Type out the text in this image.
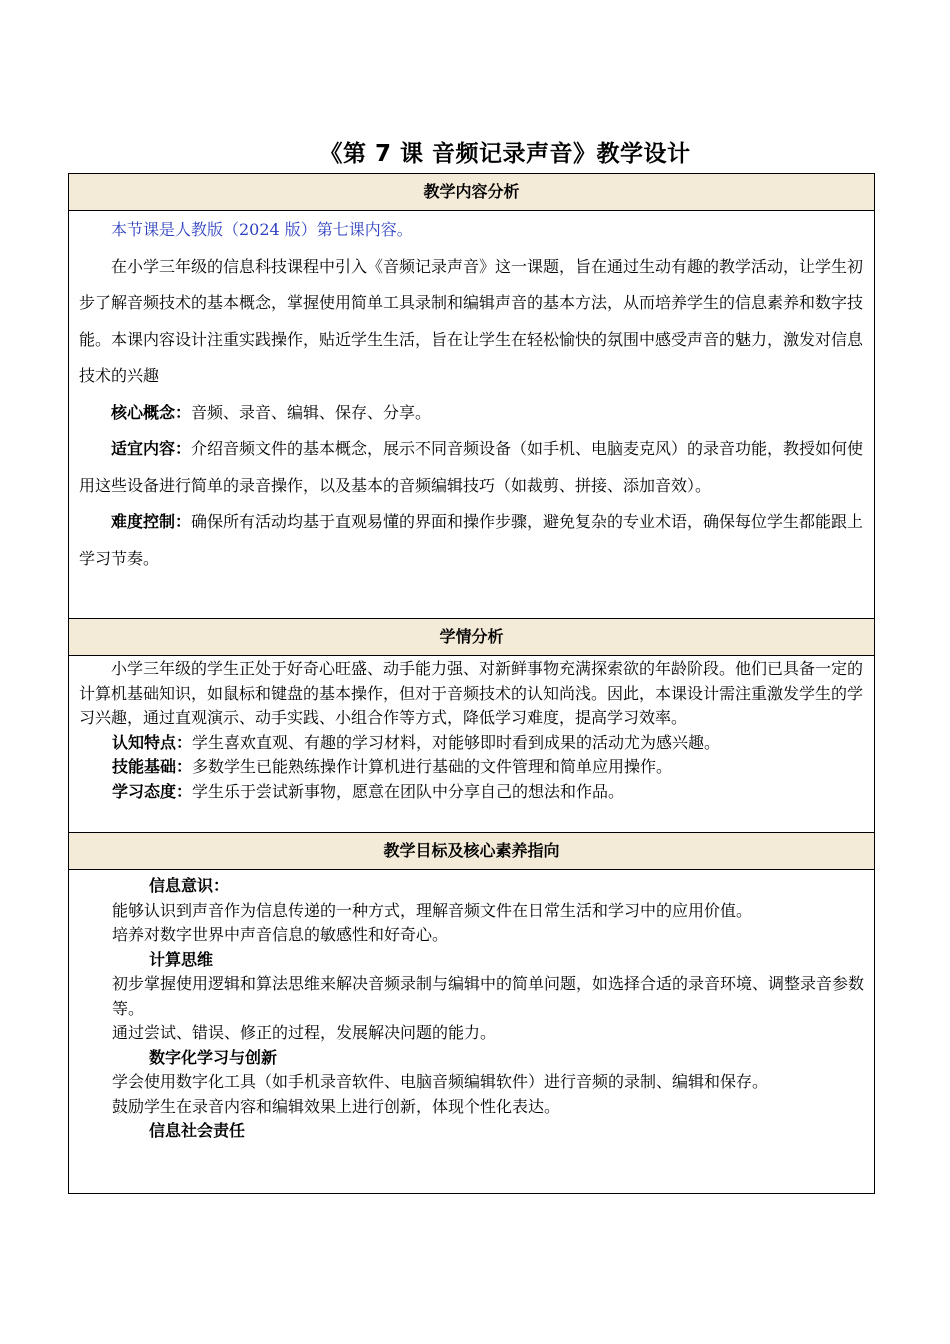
《第 7 课 音频记录声音》教学设计
教学内容分析

本节课是人教版（2024 版）第七课内容。

在小学三年级的信息科技课程中引入《音频记录声音》这一课题，旨在通过生动有趣的教学活动，让学生初步了解音频技术的基本概念，掌握使用简单工具录制和编辑声音的基本方法，从而培养学生的信息素养和数字技能。本课内容设计注重实践操作，贴近学生生活，旨在让学生在轻松愉快的氛围中感受声音的魅力，激发对信息技术的兴趣

核心概念：音频、录音、编辑、保存、分享。

适宜内容：介绍音频文件的基本概念，展示不同音频设备（如手机、电脑麦克风）的录音功能，教授如何使用这些设备进行简单的录音操作，以及基本的音频编辑技巧（如裁剪、拼接、添加音效）。

难度控制：确保所有活动均基于直观易懂的界面和操作步骤，避免复杂的专业术语，确保每位学生都能跟上学习节奏。

学情分析

小学三年级的学生正处于好奇心旺盛、动手能力强、对新鲜事物充满探索欲的年龄阶段。他们已具备一定的计算机基础知识，如鼠标和键盘的基本操作，但对于音频技术的认知尚浅。因此，本课设计需注重激发学生的学习兴趣，通过直观演示、动手实践、小组合作等方式，降低学习难度，提高学习效率。

认知特点：学生喜欢直观、有趣的学习材料，对能够即时看到成果的活动尤为感兴趣。

技能基础：多数学生已能熟练操作计算机进行基础的文件管理和简单应用操作。

学习态度：学生乐于尝试新事物，愿意在团队中分享自己的想法和作品。

教学目标及核心素养指向

信息意识：

能够认识到声音作为信息传递的一种方式，理解音频文件在日常生活和学习中的应用价值。

培养对数字世界中声音信息的敏感性和好奇心。

计算思维

初步掌握使用逻辑和算法思维来解决音频录制与编辑中的简单问题，如选择合适的录音环境、调整录音参数等。

通过尝试、错误、修正的过程，发展解决问题的能力。

数字化学习与创新

学会使用数字化工具（如手机录音软件、电脑音频编辑软件）进行音频的录制、编辑和保存。

鼓励学生在录音内容和编辑效果上进行创新，体现个性化表达。

信息社会责任
